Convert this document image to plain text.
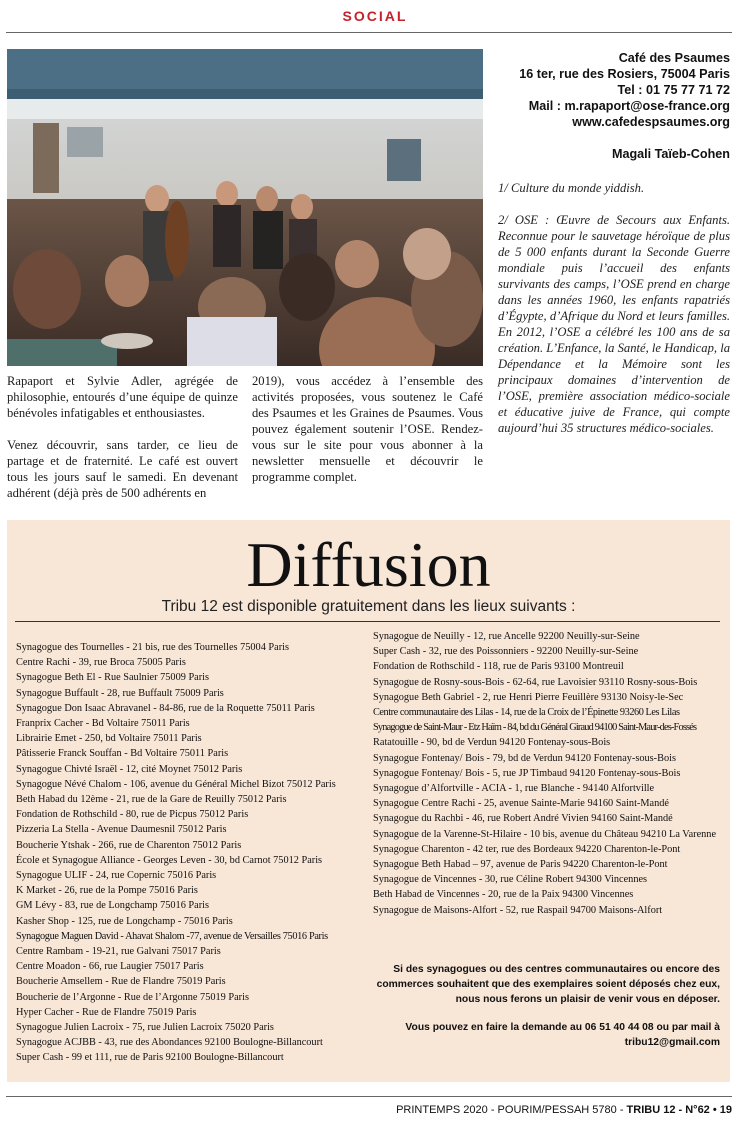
SOCIAL

Rapaport et Sylvie Adler, agrégée de philosophie, entourés d’une équipe de quinze bénévoles infatigables et enthousiastes.

Venez découvrir, sans tarder, ce lieu de partage et de fraternité. Le café est ouvert tous les jours sauf le samedi. En devenant adhérent (déjà près de 500 adhérents en

2019), vous accédez à l’ensemble des activités proposées, vous soutenez le Café des Psaumes et les Graines de Psaumes. Vous pouvez également soutenir l’OSE. Rendez-vous sur le site pour vous abonner à la newsletter mensuelle et découvrir le programme complet.

Café des Psaumes
16 ter, rue des Rosiers, 75004 Paris
Tel : 01 75 77 71 72
Mail : m.rapaport@ose-france.org
www.cafedespsaumes.org
Magali Taïeb-Cohen

1/ Culture du monde yiddish.

2/ OSE : Œuvre de Secours aux Enfants. Reconnue pour le sauvetage héroïque de plus de 5 000 enfants durant la Seconde Guerre mondiale puis l’accueil des enfants survivants des camps, l’OSE prend en charge dans les années 1960, les enfants rapatriés d’Égypte, d’Afrique du Nord et leurs familles. En 2012, l’OSE a célébré les 100 ans de sa création. L’Enfance, la Santé, le Handicap, la Dépendance et la Mémoire sont les principaux domaines d’intervention de l’OSE, première association médico-sociale et éducative juive de France, qui compte aujourd’hui 35 structures médico-sociales.

Diffusion
Tribu 12 est disponible gratuitement dans les lieux suivants :
Synagogue des Tournelles - 21 bis, rue des Tournelles 75004 Paris
Centre Rachi - 39, rue Broca 75005 Paris
Synagogue Beth El - Rue Saulnier 75009 Paris
Synagogue Buffault - 28, rue Buffault 75009 Paris
Synagogue Don Isaac Abravanel - 84-86, rue de la Roquette 75011 Paris
Franprix Cacher - Bd Voltaire 75011 Paris
Librairie Emet - 250, bd Voltaire 75011 Paris
Pâtisserie Franck Souffan - Bd Voltaire 75011 Paris
Synagogue Chivté Israël - 12, cité Moynet 75012 Paris
Synagogue Névé Chalom - 106, avenue du Général Michel Bizot 75012 Paris
Beth Habad du 12ème - 21, rue de la Gare de Reuilly 75012 Paris
Fondation de Rothschild - 80, rue de Picpus 75012 Paris
Pizzeria La Stella - Avenue Daumesnil 75012 Paris
Boucherie Ytshak - 266, rue de Charenton 75012 Paris
École et Synagogue Alliance - Georges Leven - 30, bd Carnot 75012 Paris
Synagogue ULIF - 24, rue Copernic 75016 Paris
K Market - 26, rue de la Pompe 75016 Paris
GM Lévy - 83, rue de Longchamp 75016 Paris
Kasher Shop - 125, rue de Longchamp - 75016 Paris
Synagogue Maguen David - Ahavat Shalom -77, avenue de Versailles 75016 Paris
Centre Rambam - 19-21, rue Galvani 75017 Paris
Centre Moadon - 66, rue Laugier 75017 Paris
Boucherie Amsellem - Rue de Flandre 75019 Paris
Boucherie de l’Argonne - Rue de l’Argonne 75019 Paris
Hyper Cacher - Rue de Flandre 75019 Paris
Synagogue Julien Lacroix - 75, rue Julien Lacroix 75020 Paris
Synagogue ACJBB - 43, rue des Abondances 92100 Boulogne-Billancourt
Super Cash - 99 et 111, rue de Paris 92100 Boulogne-Billancourt
Synagogue de Neuilly - 12, rue Ancelle 92200 Neuilly-sur-Seine
Super Cash - 32, rue des Poissonniers - 92200 Neuilly-sur-Seine
Fondation de Rothschild - 118, rue de Paris 93100 Montreuil
Synagogue de Rosny-sous-Bois - 62-64, rue Lavoisier 93110 Rosny-sous-Bois
Synagogue Beth Gabriel - 2, rue Henri Pierre Feuillère 93130 Noisy-le-Sec
Centre communautaire des Lilas - 14, rue de la Croix de l’Épinette 93260 Les Lilas
Synagogue de Saint-Maur - Etz Haïm - 84, bd du Général Giraud 94100 Saint-Maur-des-Fossés
Ratatouille - 90, bd de Verdun 94120 Fontenay-sous-Bois
Synagogue Fontenay/ Bois - 79, bd de Verdun 94120 Fontenay-sous-Bois
Synagogue Fontenay/ Bois - 5, rue JP Timbaud 94120 Fontenay-sous-Bois
Synagogue d’Alfortville - ACIA - 1, rue Blanche - 94140 Alfortville
Synagogue Centre Rachi - 25, avenue Sainte-Marie 94160 Saint-Mandé
Synagogue du Rachbi - 46, rue Robert André Vivien 94160 Saint-Mandé
Synagogue de la Varenne-St-Hilaire - 10 bis, avenue du Château 94210 La Varenne
Synagogue Charenton - 42 ter, rue des Bordeaux 94220 Charenton-le-Pont
Synagogue Beth Habad – 97, avenue de Paris 94220 Charenton-le-Pont
Synagogue de Vincennes - 30, rue Céline Robert 94300 Vincennes
Beth Habad de Vincennes - 20, rue de la Paix 94300 Vincennes
Synagogue de Maisons-Alfort - 52, rue Raspail 94700 Maisons-Alfort
Si des synagogues ou des centres communautaires ou encore des commerces souhaitent que des exemplaires soient déposés chez eux, nous nous ferons un plaisir de venir vous en déposer.
Vous pouvez en faire la demande au 06 51 40 44 08 ou par mail à tribu12@gmail.com
PRINTEMPS 2020 - POURIM/PESSAH 5780 - TRIBU 12 - N°62 • 19
